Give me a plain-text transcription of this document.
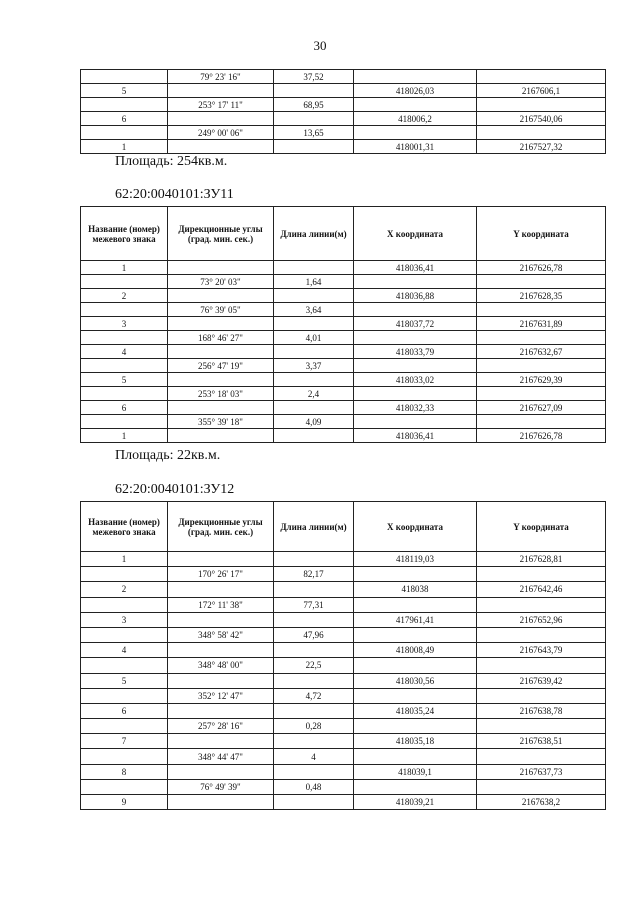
30
	79° 23' 16"	37,52		
5			418026,03	2167606,1
	253° 17' 11"	68,95		
6			418006,2	2167540,06
	249° 00' 06"	13,65		
1			418001,31	2167527,32
Площадь: 254кв.м.
62:20:0040101:ЗУ11
Название (номер) межевого знака	Дирекционные углы (град. мин. сек.)	Длина линии(м)	X координата	Y координата
1			418036,41	2167626,78
	73° 20' 03"	1,64		
2			418036,88	2167628,35
	76° 39' 05"	3,64		
3			418037,72	2167631,89
	168° 46' 27"	4,01		
4			418033,79	2167632,67
	256° 47' 19"	3,37		
5			418033,02	2167629,39
	253° 18' 03"	2,4		
6			418032,33	2167627,09
	355° 39' 18"	4,09		
1			418036,41	2167626,78
Площадь: 22кв.м.
62:20:0040101:ЗУ12
Название (номер) межевого знака	Дирекционные углы (град. мин. сек.)	Длина линии(м)	X координата	Y координата
1			418119,03	2167628,81
	170° 26' 17"	82,17		
2			418038	2167642,46
	172° 11' 38"	77,31		
3			417961,41	2167652,96
	348° 58' 42"	47,96		
4			418008,49	2167643,79
	348° 48' 00"	22,5		
5			418030,56	2167639,42
	352° 12' 47"	4,72		
6			418035,24	2167638,78
	257° 28' 16"	0,28		
7			418035,18	2167638,51
	348° 44' 47"	4		
8			418039,1	2167637,73
	76° 49' 39"	0,48		
9			418039,21	2167638,2
